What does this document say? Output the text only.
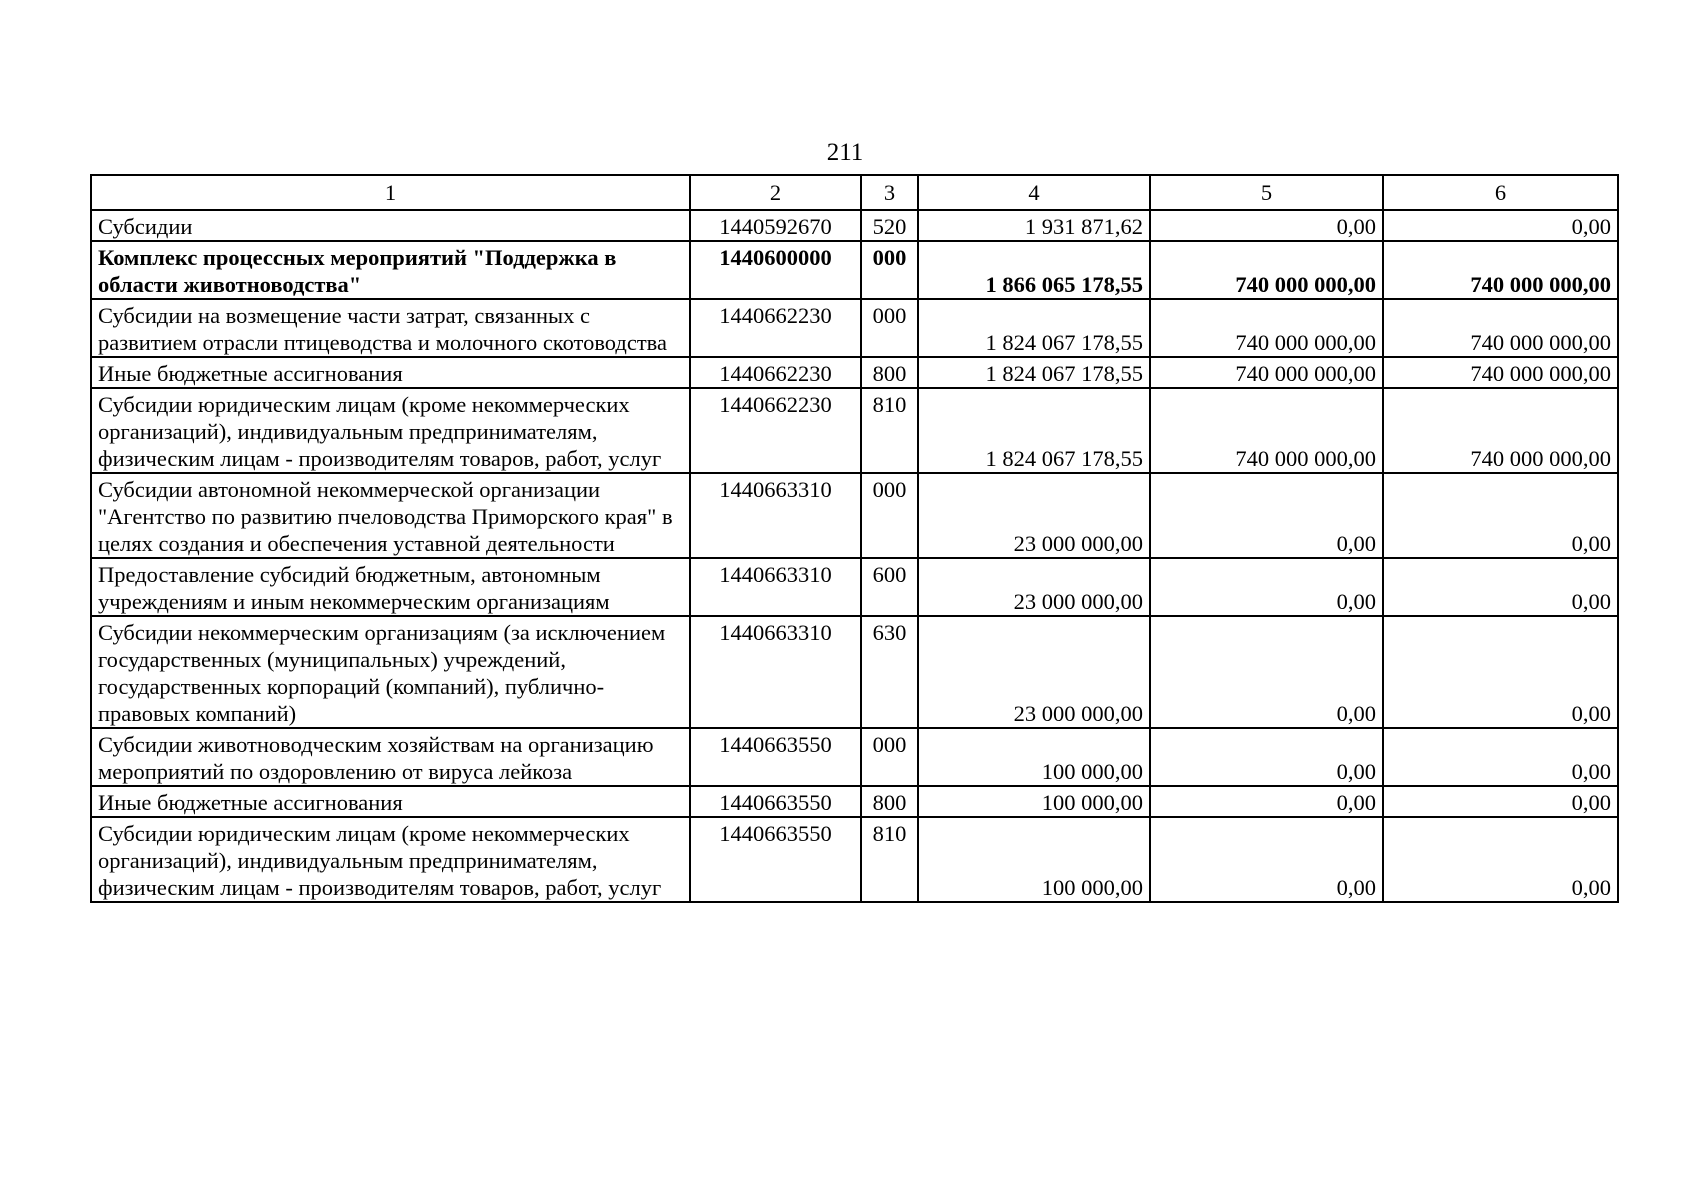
211
1	2	3	4	5	6
Субсидии	1440592670	520	1 931 871,62	0,00	0,00
Комплекс процессных мероприятий "Поддержка в области животноводства"	1440600000	000	1 866 065 178,55	740 000 000,00	740 000 000,00
Субсидии на возмещение части затрат, связанных с развитием отрасли птицеводства и молочного скотоводства	1440662230	000	1 824 067 178,55	740 000 000,00	740 000 000,00
Иные бюджетные ассигнования	1440662230	800	1 824 067 178,55	740 000 000,00	740 000 000,00
Субсидии юридическим лицам (кроме некоммерческих организаций), индивидуальным предпринимателям, физическим лицам - производителям товаров, работ, услуг	1440662230	810	1 824 067 178,55	740 000 000,00	740 000 000,00
Субсидии автономной некоммерческой организации "Агентство по развитию пчеловодства Приморского края" в целях создания и обеспечения уставной деятельности	1440663310	000	23 000 000,00	0,00	0,00
Предоставление субсидий бюджетным, автономным учреждениям и иным некоммерческим организациям	1440663310	600	23 000 000,00	0,00	0,00
Субсидии некоммерческим организациям (за исключением государственных (муниципальных) учреждений, государственных корпораций (компаний), публично-правовых компаний)	1440663310	630	23 000 000,00	0,00	0,00
Субсидии животноводческим хозяйствам на организацию мероприятий по оздоровлению от вируса лейкоза	1440663550	000	100 000,00	0,00	0,00
Иные бюджетные ассигнования	1440663550	800	100 000,00	0,00	0,00
Субсидии юридическим лицам (кроме некоммерческих организаций), индивидуальным предпринимателям, физическим лицам - производителям товаров, работ, услуг	1440663550	810	100 000,00	0,00	0,00
